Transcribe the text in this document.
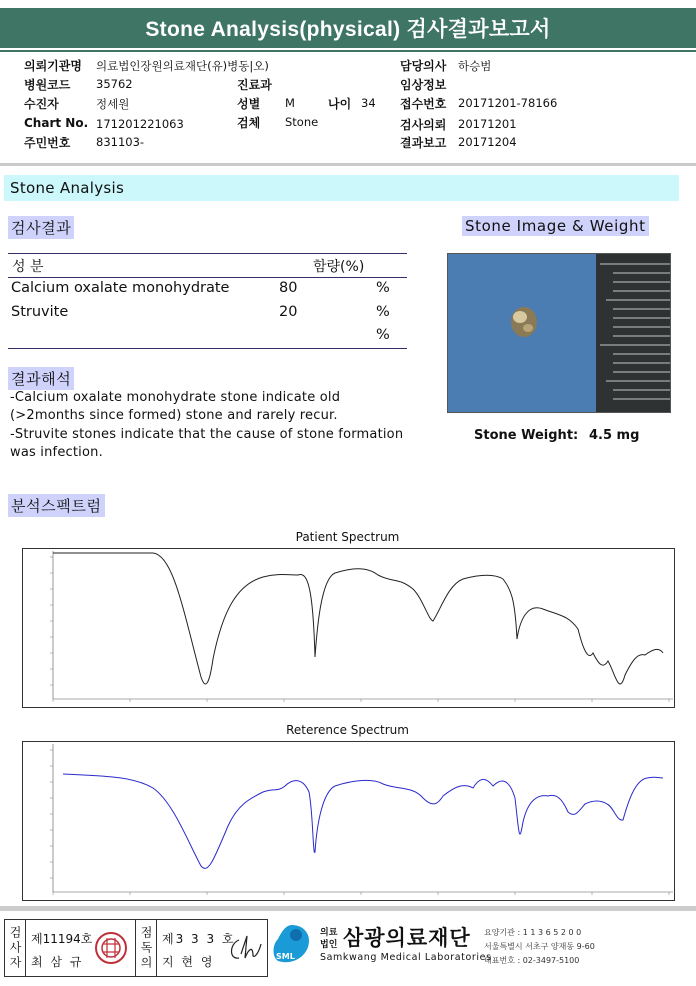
Stone Analysis(physical) 검사결과보고서
의뢰기관명 의료법인장원의료재단(유)병동|오)
병원코드 35762
수진자	정세원
Chart No. 171201221063
주민번호 831103-
진료과
성별 M	나이 34
검체 Stone
담당의사 하승범
임상정보
접수번호 20171201-78166
검사의뢰 20171201
결과보고 20171204
Stone Analysis
검사결과
성 분	함량(%)
Calcium oxalate monohydrate	80	%
Struvite	20	%
%
Stone Image & Weight
Stone Weight: 4.5 mg
결과해석
-Calcium oxalate monohydrate stone indicate old
(>2months since formed) stone and rarely recur.
-Struvite stones indicate that the cause of stone formation
was infection.
분석스펙트럼
Patient Spectrum
Reterence Spectrum
검사자 제11194호
최 삼 규	점독의 제3 3 3 호
지 현 영	SML
의료
법인 삼광의료재단
Samkwang Medical Laboratories
요양기관 : 1 1 3 6 5 2 0 0
서울특별시 서초구 양재동 9-60
대표번호 : 02-3497-5100
